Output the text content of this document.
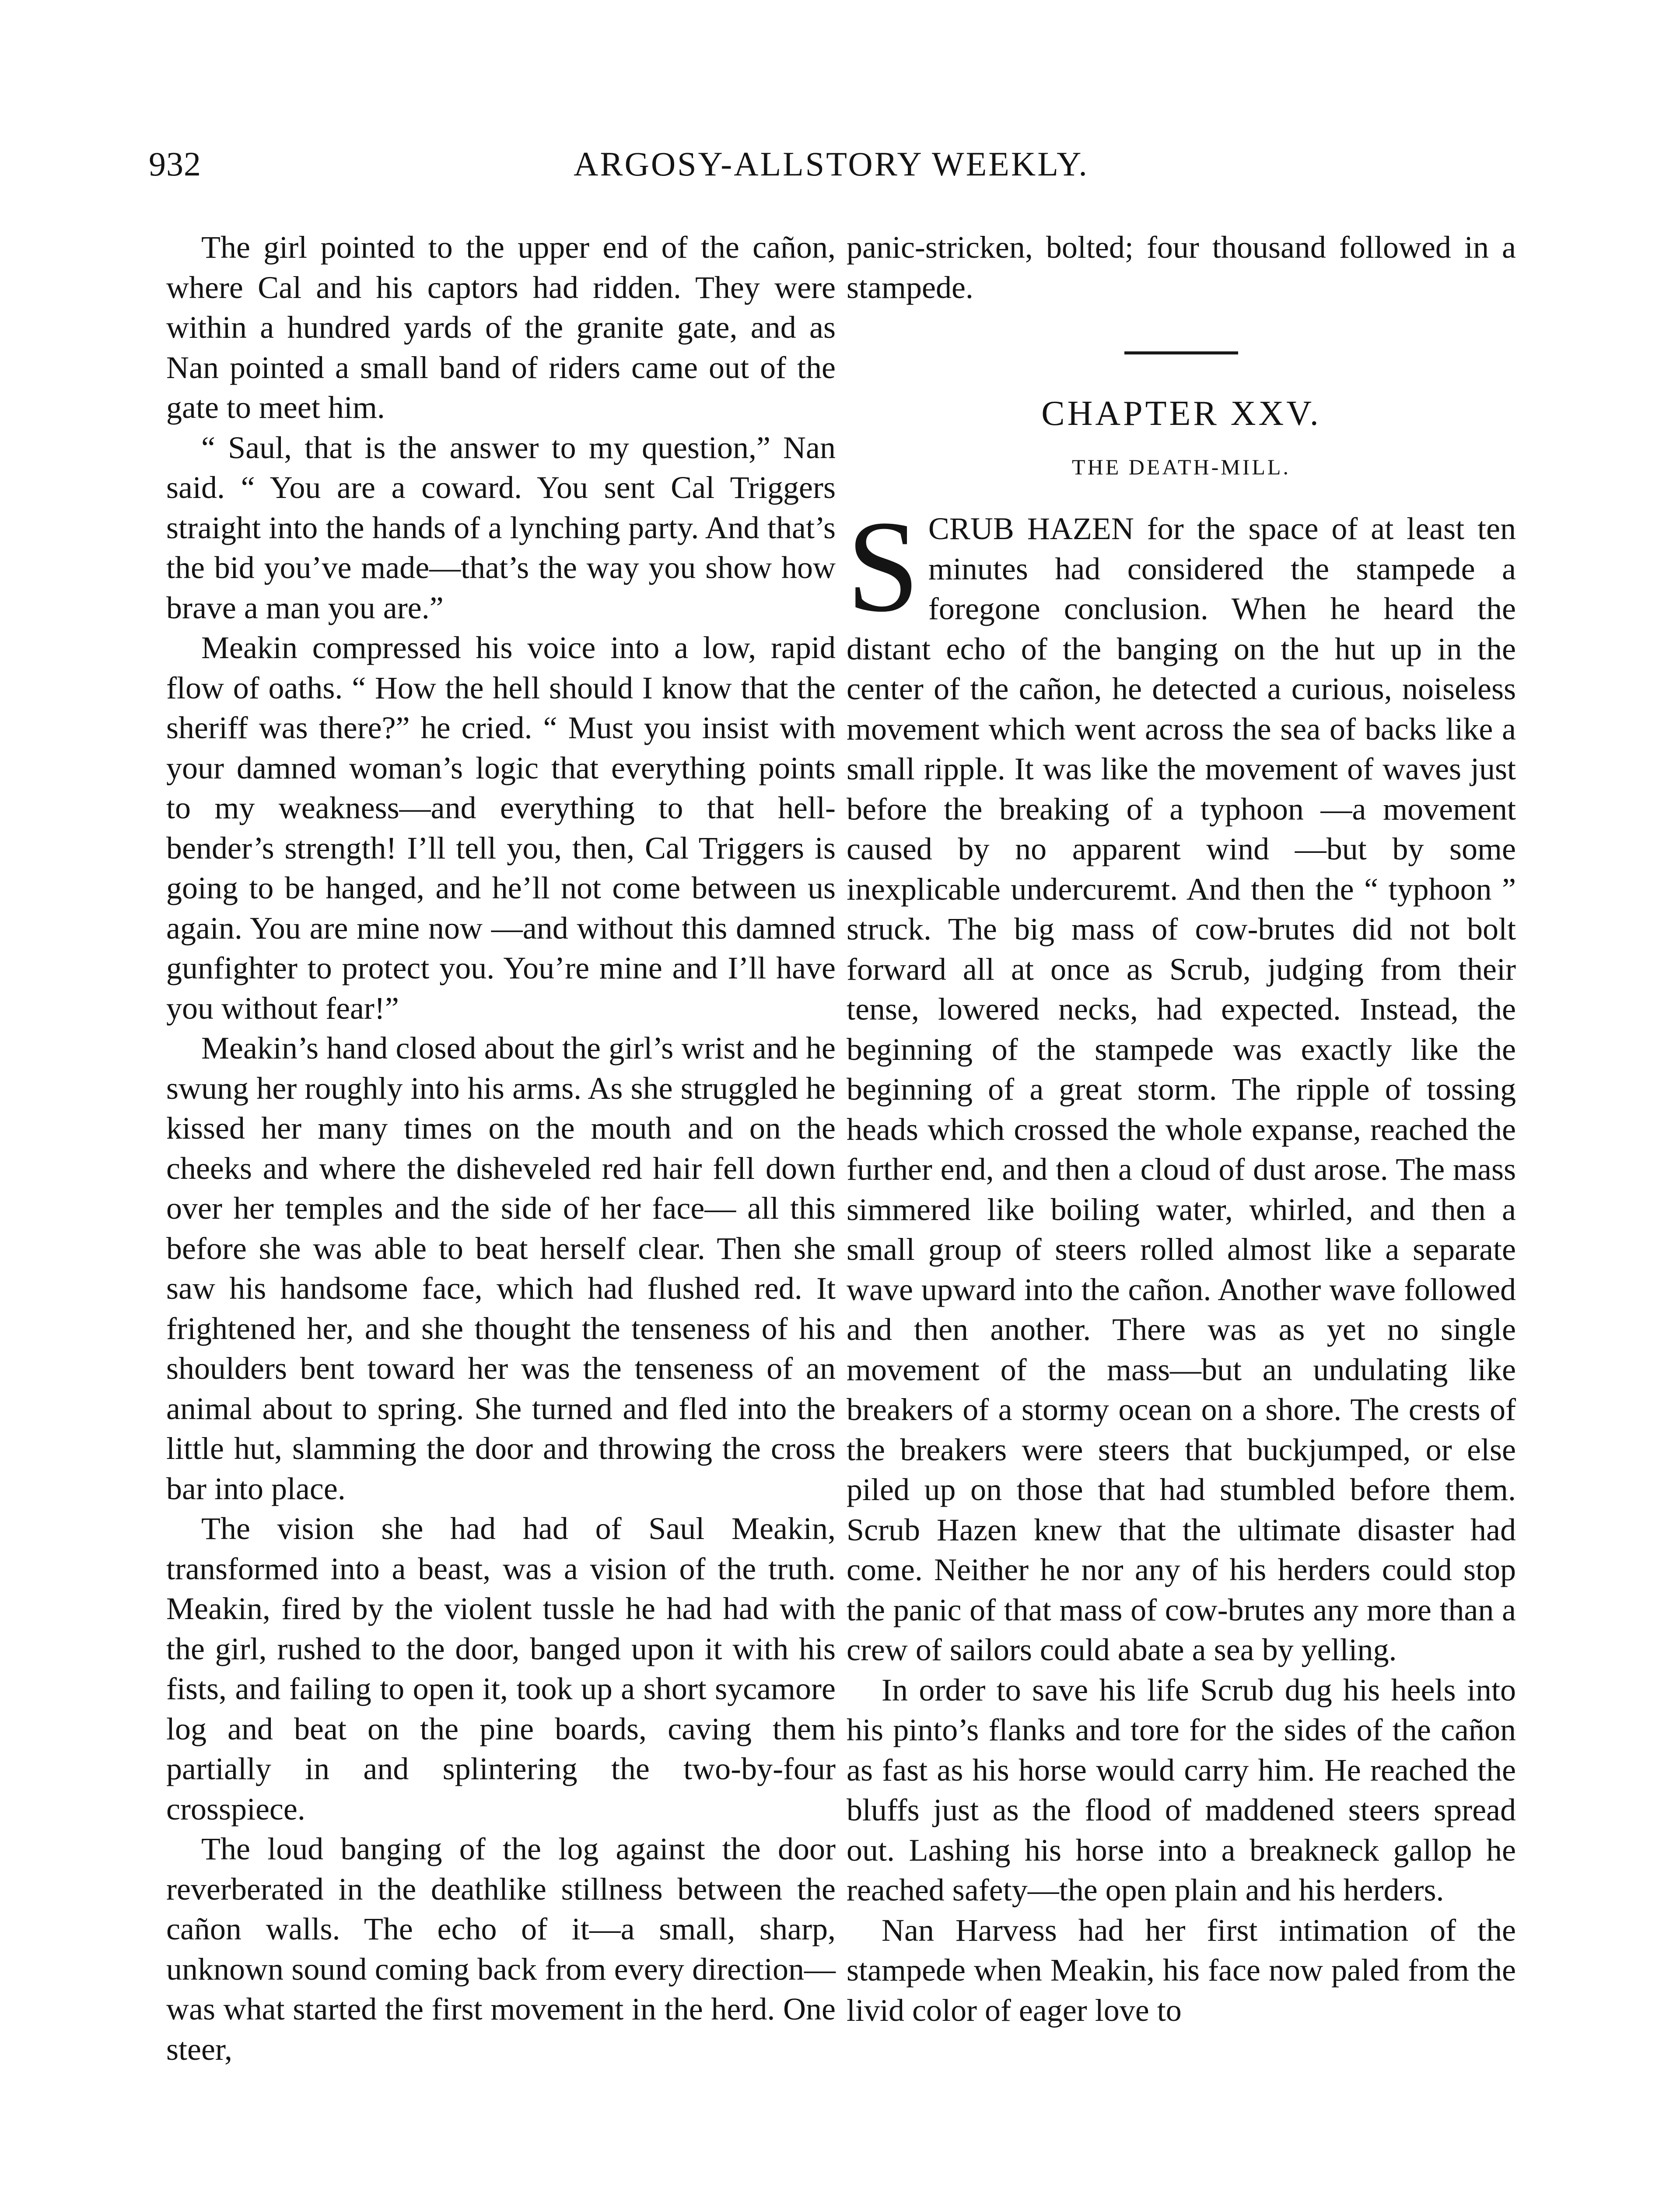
932	ARGOSY-ALLSTORY WEEKLY.

The girl pointed to the upper end of the cañon, where Cal and his captors had ridden. They were within a hundred yards of the granite gate, and as Nan pointed a small band of riders came out of the gate to meet him.

“ Saul, that is the answer to my question,” Nan said. “ You are a coward. You sent Cal Triggers straight into the hands of a lynching party. And that’s the bid you’ve made—that’s the way you show how brave a man you are.”

Meakin compressed his voice into a low, rapid flow of oaths. “ How the hell should I know that the sheriff was there?” he cried. “ Must you insist with your damned woman’s logic that everything points to my weakness—and everything to that hell-bender’s strength! I’ll tell you, then, Cal Triggers is going to be hanged, and he’ll not come between us again. You are mine now —and without this damned gunfighter to protect you. You’re mine and I’ll have you without fear!”

Meakin’s hand closed about the girl’s wrist and he swung her roughly into his arms. As she struggled he kissed her many times on the mouth and on the cheeks and where the disheveled red hair fell down over her temples and the side of her face— all this before she was able to beat herself clear. Then she saw his handsome face, which had flushed red. It frightened her, and she thought the tenseness of his shoulders bent toward her was the tenseness of an animal about to spring. She turned and fled into the little hut, slamming the door and throwing the cross bar into place.

The vision she had had of Saul Meakin, transformed into a beast, was a vision of the truth. Meakin, fired by the violent tussle he had had with the girl, rushed to the door, banged upon it with his fists, and failing to open it, took up a short sycamore log and beat on the pine boards, caving them partially in and splintering the two-by-four crosspiece.

The loud banging of the log against the door reverberated in the deathlike stillness between the cañon walls. The echo of it—a small, sharp, unknown sound coming back from every direction—was what started the first movement in the herd. One steer,

panic-stricken, bolted; four thousand followed in a stampede.

CHAPTER XXV.
THE DEATH-MILL.

SCRUB HAZEN for the space of at least ten minutes had considered the stampede a foregone conclusion. When he heard the distant echo of the banging on the hut up in the center of the cañon, he detected a curious, noiseless movement which went across the sea of backs like a small ripple. It was like the movement of waves just before the breaking of a typhoon —a movement caused by no apparent wind —but by some inexplicable undercuremt. And then the “ typhoon ” struck. The big mass of cow-brutes did not bolt forward all at once as Scrub, judging from their tense, lowered necks, had expected. Instead, the beginning of the stampede was exactly like the beginning of a great storm. The ripple of tossing heads which crossed the whole expanse, reached the further end, and then a cloud of dust arose. The mass simmered like boiling water, whirled, and then a small group of steers rolled almost like a separate wave upward into the cañon. Another wave followed and then another. There was as yet no single movement of the mass—but an undulating like breakers of a stormy ocean on a shore. The crests of the breakers were steers that buckjumped, or else piled up on those that had stumbled before them. Scrub Hazen knew that the ultimate disaster had come. Neither he nor any of his herders could stop the panic of that mass of cow-brutes any more than a crew of sailors could abate a sea by yelling.

In order to save his life Scrub dug his heels into his pinto’s flanks and tore for the sides of the cañon as fast as his horse would carry him. He reached the bluffs just as the flood of maddened steers spread out. Lashing his horse into a breakneck gallop he reached safety—the open plain and his herders.

Nan Harvess had her first intimation of the stampede when Meakin, his face now paled from the livid color of eager love to
